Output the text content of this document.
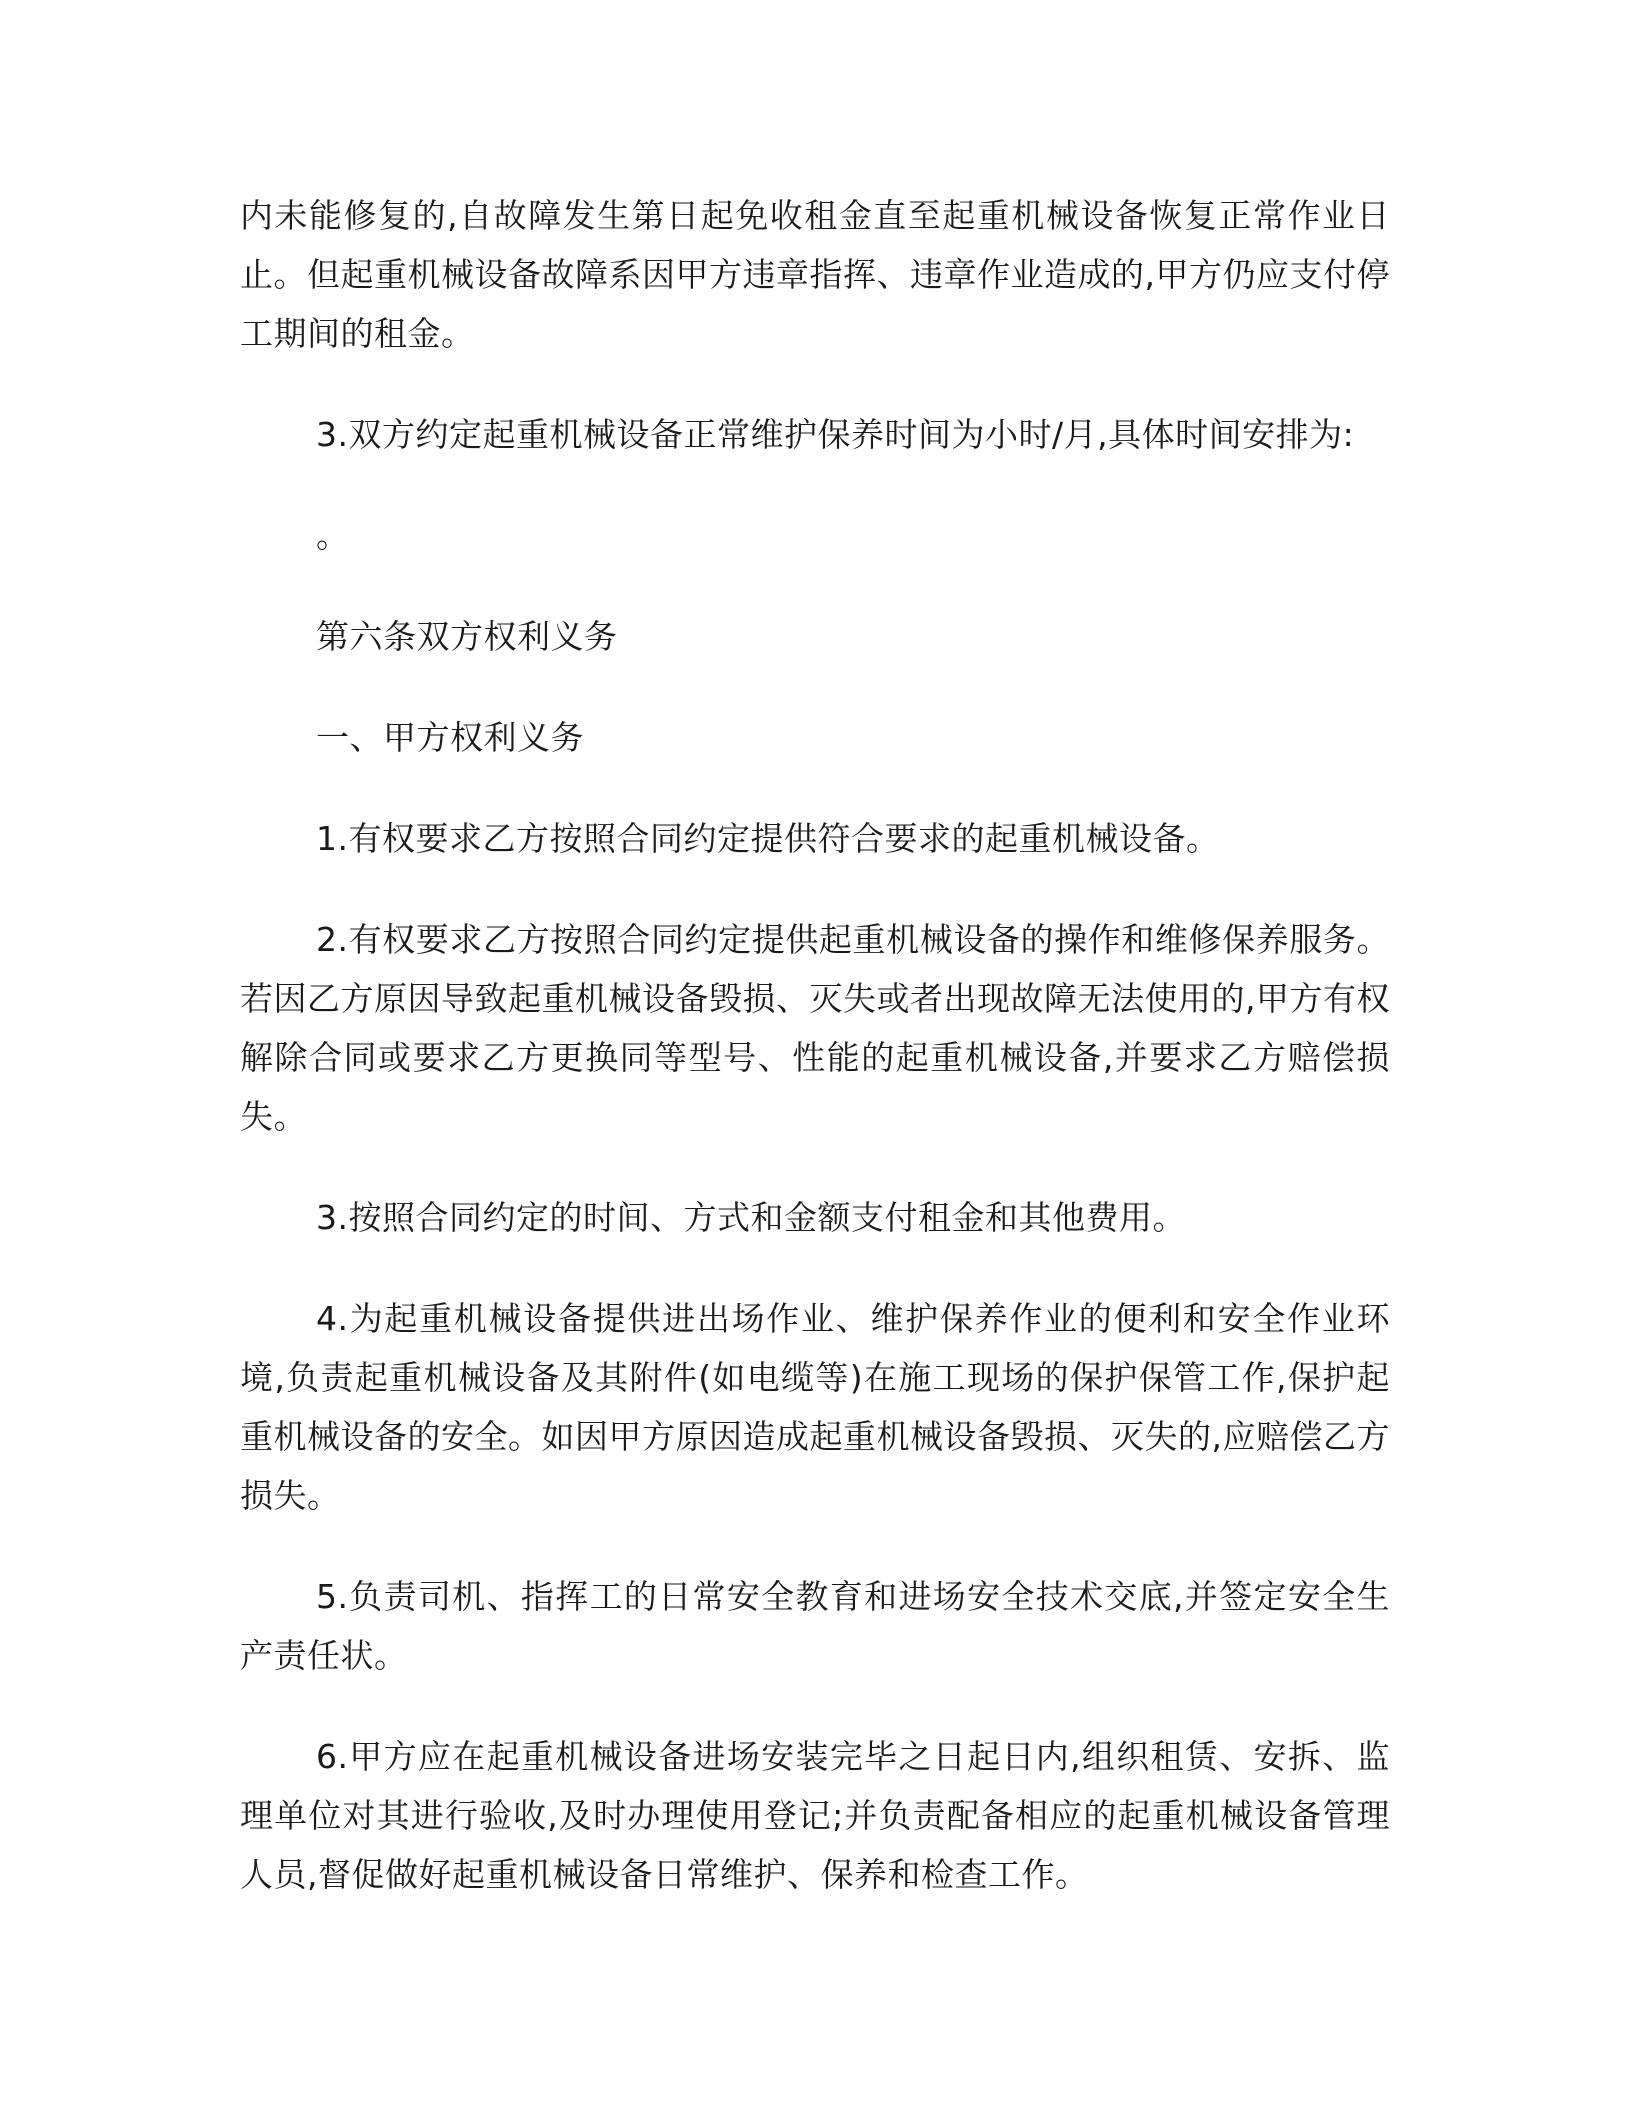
内未能修复的,自故障发生第日起免收租金直至起重机械设备恢复正常作业日止。但起重机械设备故障系因甲方违章指挥、违章作业造成的,甲方仍应支付停工期间的租金。

3.双方约定起重机械设备正常维护保养时间为小时/月,具体时间安排为:

。

第六条双方权利义务

一、甲方权利义务

1.有权要求乙方按照合同约定提供符合要求的起重机械设备。

2.有权要求乙方按照合同约定提供起重机械设备的操作和维修保养服务。若因乙方原因导致起重机械设备毁损、灭失或者出现故障无法使用的,甲方有权解除合同或要求乙方更换同等型号、性能的起重机械设备,并要求乙方赔偿损失。

3.按照合同约定的时间、方式和金额支付租金和其他费用。

4.为起重机械设备提供进出场作业、维护保养作业的便利和安全作业环境,负责起重机械设备及其附件(如电缆等)在施工现场的保护保管工作,保护起重机械设备的安全。如因甲方原因造成起重机械设备毁损、灭失的,应赔偿乙方损失。

5.负责司机、指挥工的日常安全教育和进场安全技术交底,并签定安全生产责任状。

6.甲方应在起重机械设备进场安装完毕之日起日内,组织租赁、安拆、监理单位对其进行验收,及时办理使用登记;并负责配备相应的起重机械设备管理人员,督促做好起重机械设备日常维护、保养和检查工作。
